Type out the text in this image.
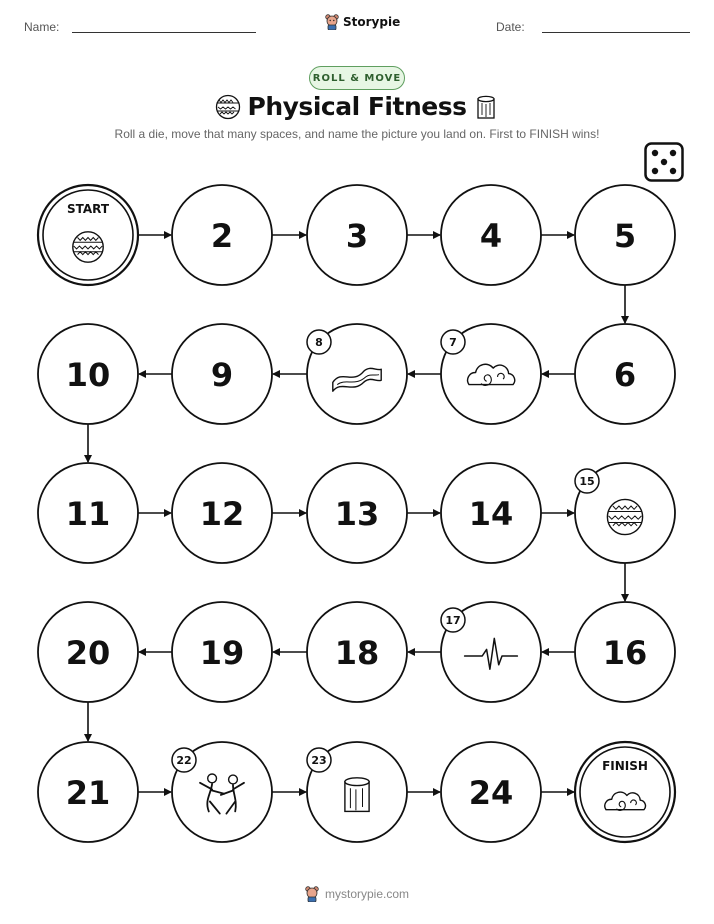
Name:	Storypie	Date:
ROLL & MOVE
Physical Fitness
Roll a die, move that many spaces, and name the picture you land on. First to FINISH wins!
START
2	3	4	5
6
7
8
9
10
11	12	13	14
15
16
17
18
19
20
21
22	23
24
FINISH
mystorypie.com
